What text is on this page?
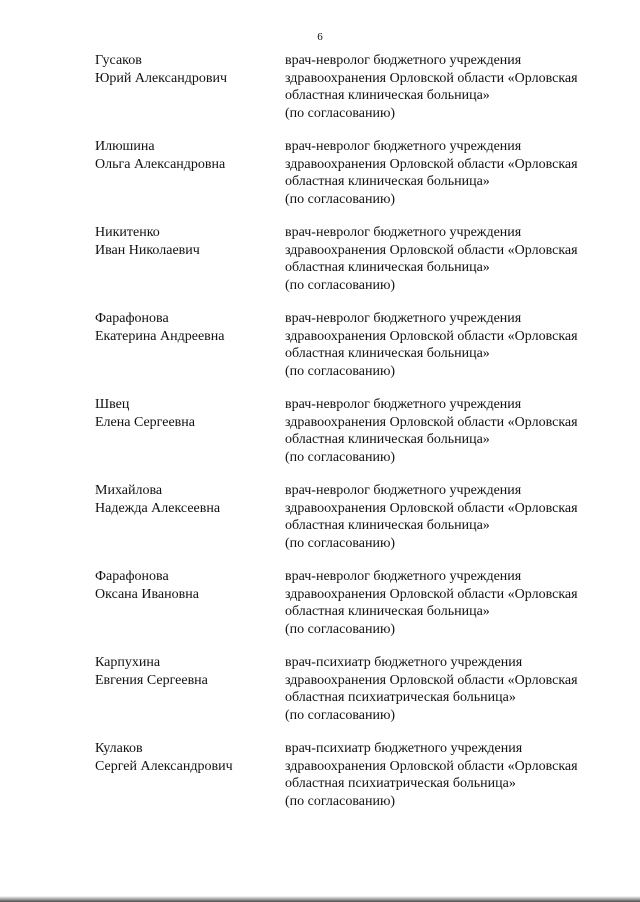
6
Гусаков
Юрий Александрович
врач-невролог бюджетного учреждения
здравоохранения Орловской области «Орловская
областная клиническая больница»
(по согласованию)
Илюшина
Ольга Александровна
врач-невролог бюджетного учреждения
здравоохранения Орловской области «Орловская
областная клиническая больница»
(по согласованию)
Никитенко
Иван Николаевич
врач-невролог бюджетного учреждения
здравоохранения Орловской области «Орловская
областная клиническая больница»
(по согласованию)
Фарафонова
Екатерина Андреевна
врач-невролог бюджетного учреждения
здравоохранения Орловской области «Орловская
областная клиническая больница»
(по согласованию)
Швец
Елена Сергеевна
врач-невролог бюджетного учреждения
здравоохранения Орловской области «Орловская
областная клиническая больница»
(по согласованию)
Михайлова
Надежда Алексеевна
врач-невролог бюджетного учреждения
здравоохранения Орловской области «Орловская
областная клиническая больница»
(по согласованию)
Фарафонова
Оксана Ивановна
врач-невролог бюджетного учреждения
здравоохранения Орловской области «Орловская
областная клиническая больница»
(по согласованию)
Карпухина
Евгения Сергеевна
врач-психиатр бюджетного учреждения
здравоохранения Орловской области «Орловская
областная психиатрическая больница»
(по согласованию)
Кулаков
Сергей Александрович
врач-психиатр бюджетного учреждения
здравоохранения Орловской области «Орловская
областная психиатрическая больница»
(по согласованию)
